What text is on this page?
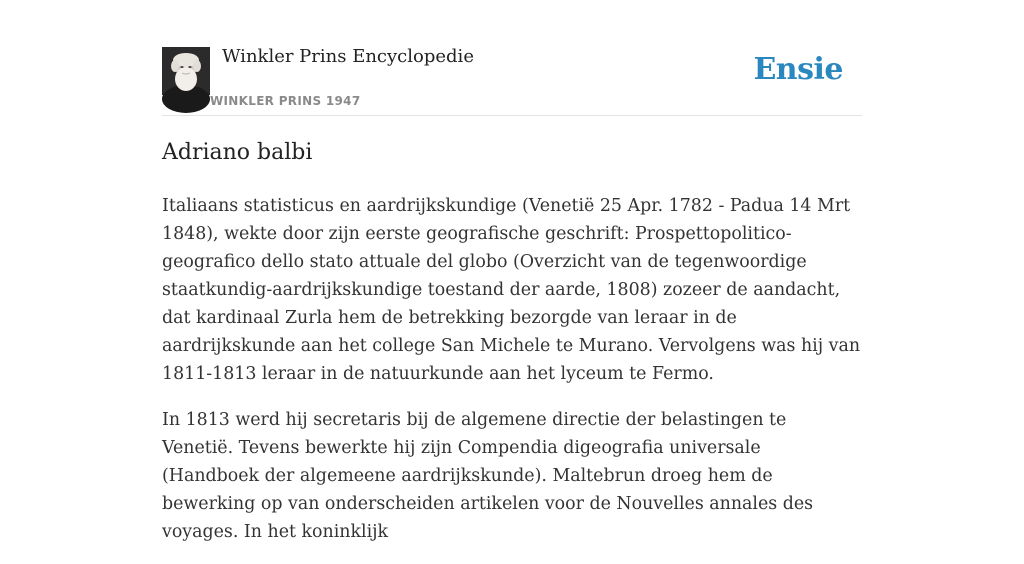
Winkler Prins Encyclopedie
WINKLER PRINS 1947
Ensie
Adriano balbi

Italiaans statisticus en aardrijkskundige (Venetië 25 Apr. 1782 - Padua 14 Mrt 1848), wekte door zijn eerste geografische geschrift: Prospettopolitico-geografico dello stato attuale del globo (Overzicht van de tegenwoordige staatkundig-aardrijkskundige toestand der aarde, 1808) zozeer de aandacht, dat kardinaal Zurla hem de betrekking bezorgde van leraar in de aardrijkskunde aan het college San Michele te Murano. Vervolgens was hij van 1811-1813 leraar in de natuurkunde aan het lyceum te Fermo.

In 1813 werd hij secretaris bij de algemene directie der belastingen te Venetië. Tevens bewerkte hij zijn Compendia digeografia universale (Handboek der algemeene aardrijkskunde). Maltebrun droeg hem de bewerking op van onderscheiden artikelen voor de Nouvelles annales des voyages. In het koninklijk
